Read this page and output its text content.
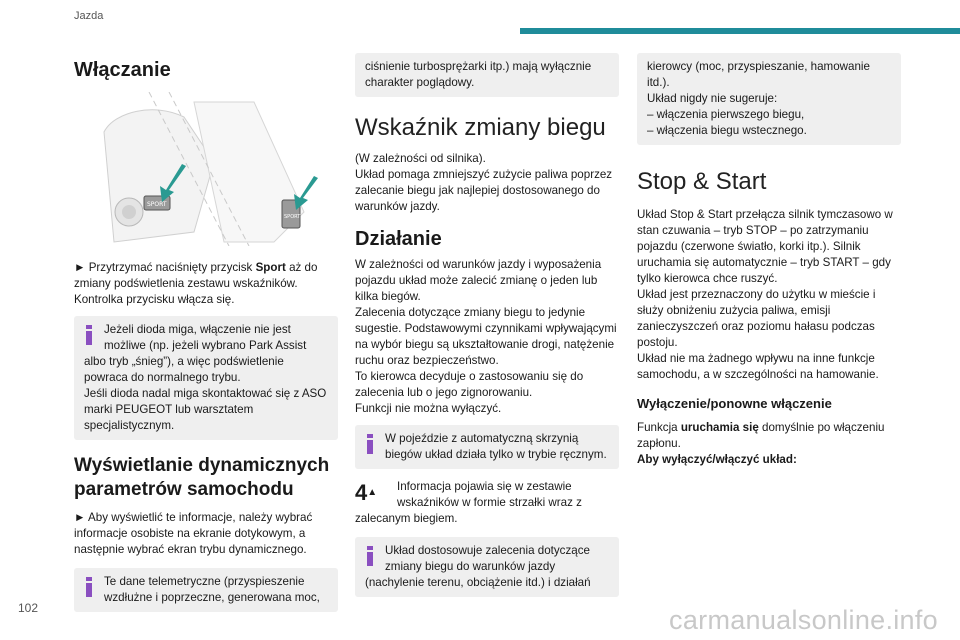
Jazda
Włączanie
SPORT
SPORT

► Przytrzymać naciśnięty przycisk Sport aż do zmiany podświetlenia zestawu wskaźników.
Kontrolka przycisku włącza się.

Jeżeli dioda miga, włączenie nie jest możliwe (np. jeżeli wybrano Park Assist albo tryb „śnieg”), a więc podświetlenie powraca do normalnego trybu.
Jeśli dioda nadal miga skontaktować się z ASO marki PEUGEOT lub warsztatem specjalistycznym.
Wyświetlanie dynamicznych parametrów samochodu

► Aby wyświetlić te informacje, należy wybrać informacje osobiste na ekranie dotykowym, a następnie wybrać ekran trybu dynamicznego.

Te dane telemetryczne (przyspieszenie wzdłużne i poprzeczne, generowana moc,
ciśnienie turbosprężarki itp.) mają wyłącznie charakter poglądowy.
Wskaźnik zmiany biegu

(W zależności od silnika).
Układ pomaga zmniejszyć zużycie paliwa poprzez zalecanie biegu jak najlepiej dostosowanego do warunków jazdy.

Działanie

W zależności od warunków jazdy i wyposażenia pojazdu układ może zalecić zmianę o jeden lub kilka biegów.
Zalecenia dotyczące zmiany biegu to jedynie sugestie. Podstawowymi czynnikami wpływającymi na wybór biegu są ukształtowanie drogi, natężenie ruchu oraz bezpieczeństwo.
To kierowca decyduje o zastosowaniu się do zalecenia lub o jego zignorowaniu.
Funkcji nie można wyłączyć.

W pojeździe z automatyczną skrzynią biegów układ działa tylko w trybie ręcznym.
4▲	Informacja pojawia się w zestawie wskaźników w formie strzałki wraz z zalecanym biegiem.
Układ dostosowuje zalecenia dotyczące zmiany biegu do warunków jazdy (nachylenie terenu, obciążenie itd.) i działań
kierowcy (moc, przyspieszanie, hamowanie itd.).
Układ nigdy nie sugeruje:
– włączenia pierwszego biegu,
– włączenia biegu wstecznego.
Stop & Start

Układ Stop & Start przełącza silnik tymczasowo w stan czuwania – tryb STOP – po zatrzymaniu pojazdu (czerwone światło, korki itp.). Silnik uruchamia się automatycznie – tryb START – gdy tylko kierowca chce ruszyć.
Układ jest przeznaczony do użytku w mieście i służy obniżeniu zużycia paliwa, emisji zanieczyszczeń oraz poziomu hałasu podczas postoju.
Układ nie ma żadnego wpływu na inne funkcje samochodu, a w szczególności na hamowanie.

Wyłączenie/ponowne włączenie

Funkcja uruchamia się domyślnie po włączeniu zapłonu.

Aby wyłączyć/włączyć układ:

102	carmanualsonline.info
